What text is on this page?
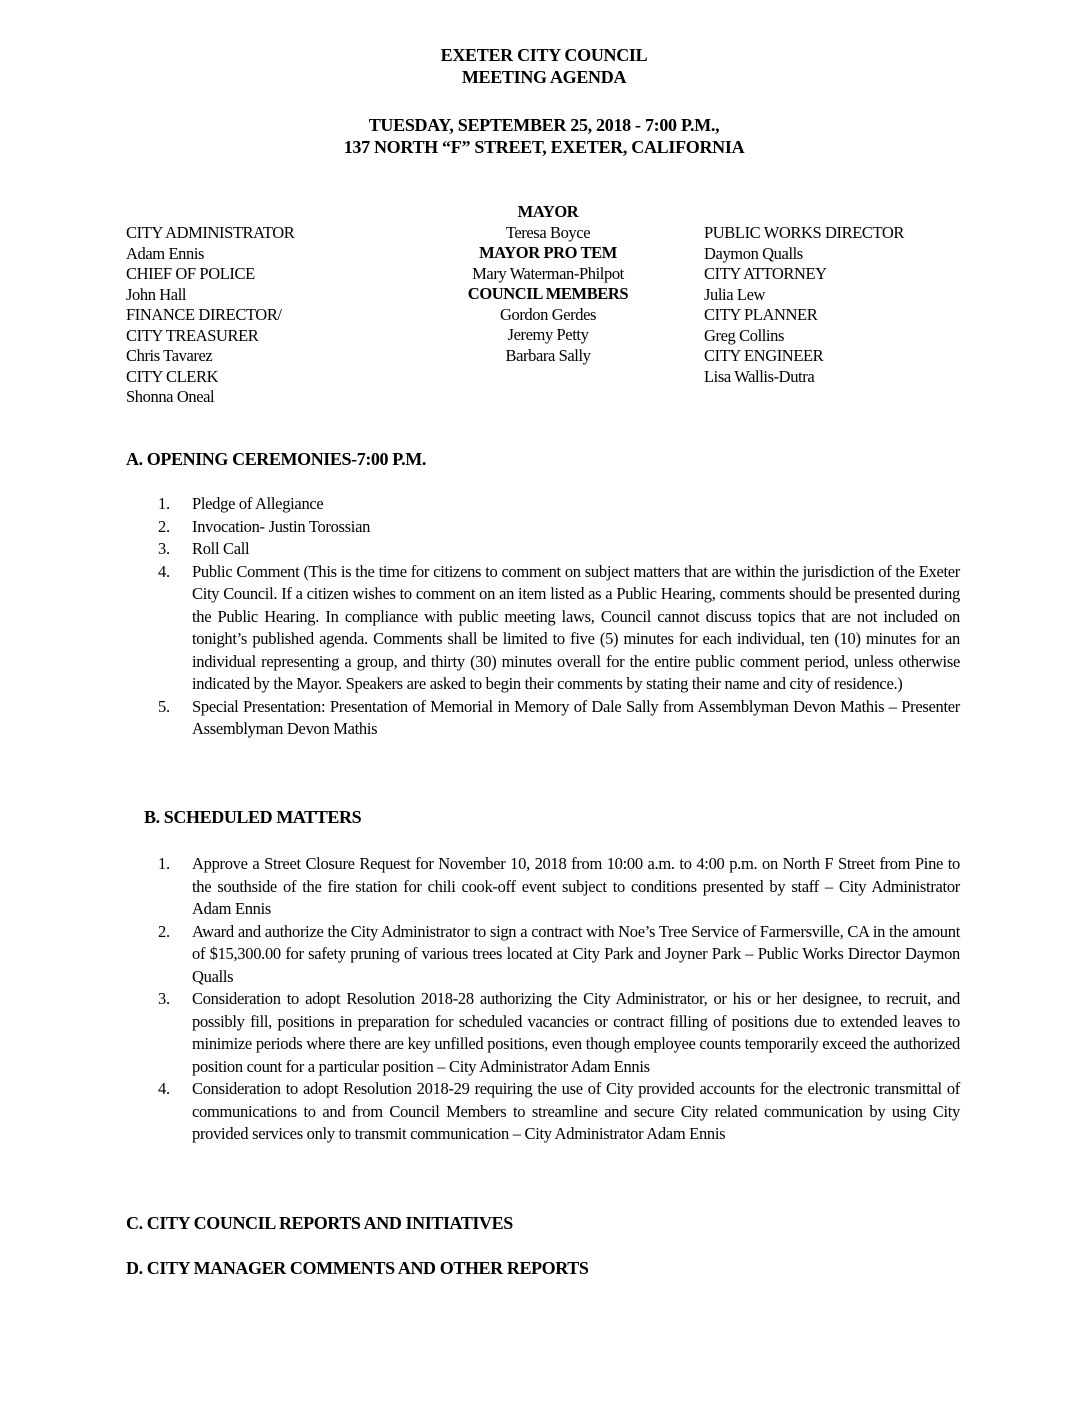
EXETER CITY COUNCIL
MEETING AGENDA
TUESDAY, SEPTEMBER 25, 2018 - 7:00 P.M.,
137 NORTH “F” STREET, EXETER, CALIFORNIA
CITY ADMINISTRATOR
Adam Ennis
CHIEF OF POLICE
John Hall
FINANCE DIRECTOR/
CITY TREASURER
Chris Tavarez
CITY CLERK
Shonna Oneal
MAYOR
Teresa Boyce
MAYOR PRO TEM
Mary Waterman-Philpot
COUNCIL MEMBERS
Gordon Gerdes
Jeremy Petty
Barbara Sally
PUBLIC WORKS DIRECTOR
Daymon Qualls
CITY ATTORNEY
Julia Lew
CITY PLANNER
Greg Collins
CITY ENGINEER
Lisa Wallis-Dutra
A. OPENING CEREMONIES-7:00 P.M.
1. Pledge of Allegiance
2. Invocation- Justin Torossian
3. Roll Call
4. Public Comment (This is the time for citizens to comment on subject matters that are within the jurisdiction of the Exeter City Council. If a citizen wishes to comment on an item listed as a Public Hearing, comments should be presented during the Public Hearing. In compliance with public meeting laws, Council cannot discuss topics that are not included on tonight’s published agenda. Comments shall be limited to five (5) minutes for each individual, ten (10) minutes for an individual representing a group, and thirty (30) minutes overall for the entire public comment period, unless otherwise indicated by the Mayor. Speakers are asked to begin their comments by stating their name and city of residence.)
5. Special Presentation: Presentation of Memorial in Memory of Dale Sally from Assemblyman Devon Mathis – Presenter Assemblyman Devon Mathis
B. SCHEDULED MATTERS
1. Approve a Street Closure Request for November 10, 2018 from 10:00 a.m. to 4:00 p.m. on North F Street from Pine to the southside of the fire station for chili cook-off event subject to conditions presented by staff – City Administrator Adam Ennis
2. Award and authorize the City Administrator to sign a contract with Noe’s Tree Service of Farmersville, CA in the amount of $15,300.00 for safety pruning of various trees located at City Park and Joyner Park – Public Works Director Daymon Qualls
3. Consideration to adopt Resolution 2018-28 authorizing the City Administrator, or his or her designee, to recruit, and possibly fill, positions in preparation for scheduled vacancies or contract filling of positions due to extended leaves to minimize periods where there are key unfilled positions, even though employee counts temporarily exceed the authorized position count for a particular position – City Administrator Adam Ennis
4. Consideration to adopt Resolution 2018-29 requiring the use of City provided accounts for the electronic transmittal of communications to and from Council Members to streamline and secure City related communication by using City provided services only to transmit communication – City Administrator Adam Ennis
C. CITY COUNCIL REPORTS AND INITIATIVES
D. CITY MANAGER COMMENTS AND OTHER REPORTS
